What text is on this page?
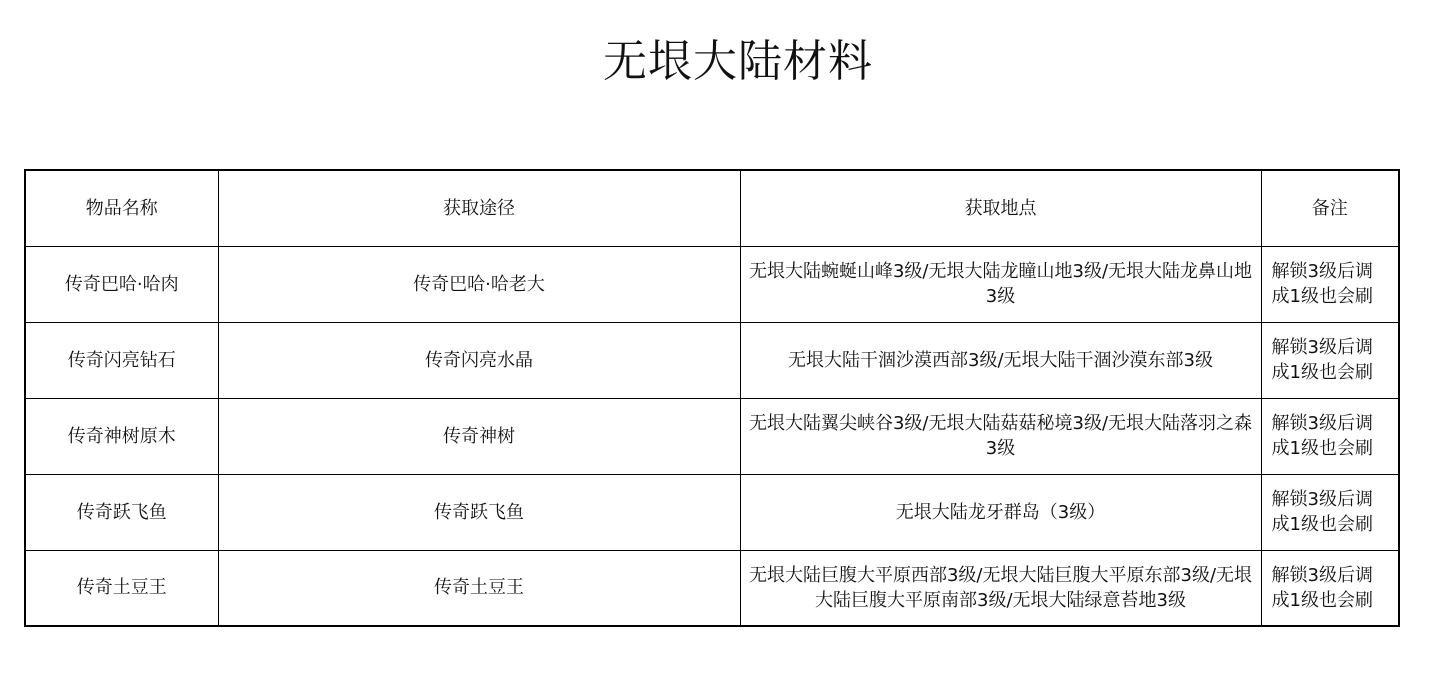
无垠大陆材料
物品名称	获取途径	获取地点	备注
传奇巴哈·哈肉	传奇巴哈·哈老大	无垠大陆蜿蜒山峰3级/无垠大陆龙瞳山地3级/无垠大陆龙鼻山地3级	解锁3级后调成1级也会刷
传奇闪亮钻石	传奇闪亮水晶	无垠大陆干涸沙漠西部3级/无垠大陆干涸沙漠东部3级	解锁3级后调成1级也会刷
传奇神树原木	传奇神树	无垠大陆翼尖峡谷3级/无垠大陆菇菇秘境3级/无垠大陆落羽之森3级	解锁3级后调成1级也会刷
传奇跃飞鱼	传奇跃飞鱼	无垠大陆龙牙群岛（3级）	解锁3级后调成1级也会刷
传奇土豆王	传奇土豆王	无垠大陆巨腹大平原西部3级/无垠大陆巨腹大平原东部3级/无垠大陆巨腹大平原南部3级/无垠大陆绿意苔地3级	解锁3级后调成1级也会刷
